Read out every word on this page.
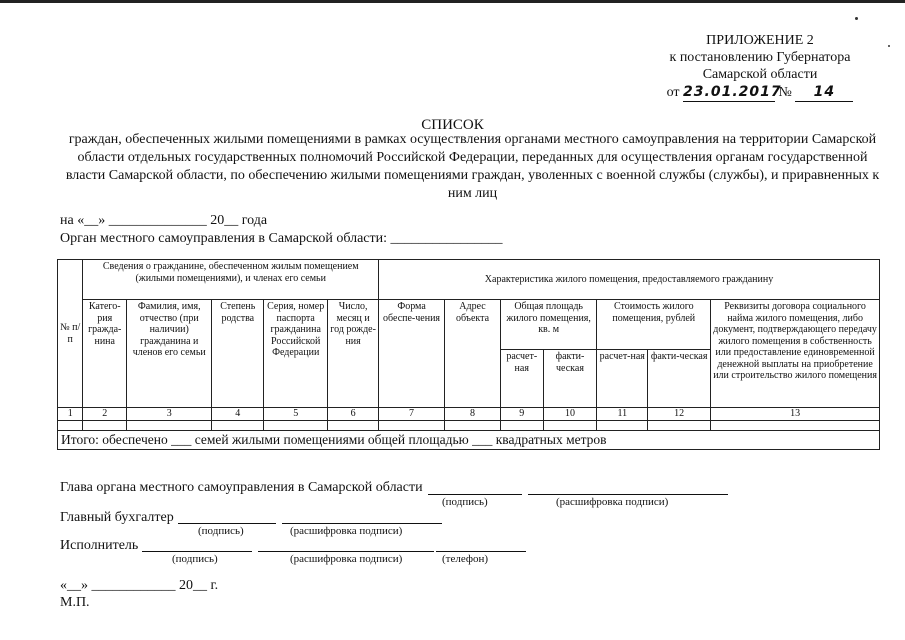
ПРИЛОЖЕНИЕ 2
к постановлению Губернатора
Самарской области
от 23.01.2017 № 14
СПИСОК
граждан, обеспеченных жилыми помещениями в рамках осуществления органами местного самоуправления на территории Самарской области отдельных государственных полномочий Российской Федерации, переданных для осуществления органам государственной власти Самарской области, по обеспечению жилыми помещениями граждан, уволенных с военной службы (службы), и приравненных к ним лиц
на «__» ______________ 20__ года
Орган местного самоуправления в Самарской области: ________________
№ п/п	Сведения о гражданине, обеспеченном жилым помещением (жилыми помещениями), и членах его семьи					Характеристика жилого помещения, предоставляемого гражданину						
	Катего-рия гражда-нина	Фамилия, имя, отчество (при наличии) гражданина и членов его семьи	Степень родства	Серия, номер паспорта гражданина Российской Федерации	Число, месяц и год рожде-ния	Форма обеспе-чения	Адрес объекта	Общая площадь жилого помещения, кв. м		Стоимость жилого помещения, рублей		Реквизиты договора социального найма жилого помещения, либо документ, подтверждающего передачу жилого помещения в собственность или предоставление единовременной денежной выплаты на приобретение или строительство жилого помещения
								расчет-ная	факти-ческая	расчет-ная	факти-ческая	
1	2	3	4	5	6	7	8	9	10	11	12	13

Итого: обеспечено ___ семей жилыми помещениями общей площадью ___ квадратных метров												
Глава органа местного самоуправления в Самарской области
(подпись)	(расшифровка подписи)
Главный бухгалтер
(подпись)	(расшифровка подписи)
Исполнитель
(подпись)	(расшифровка подписи)	(телефон)
«__» ____________ 20__ г.
М.П.
